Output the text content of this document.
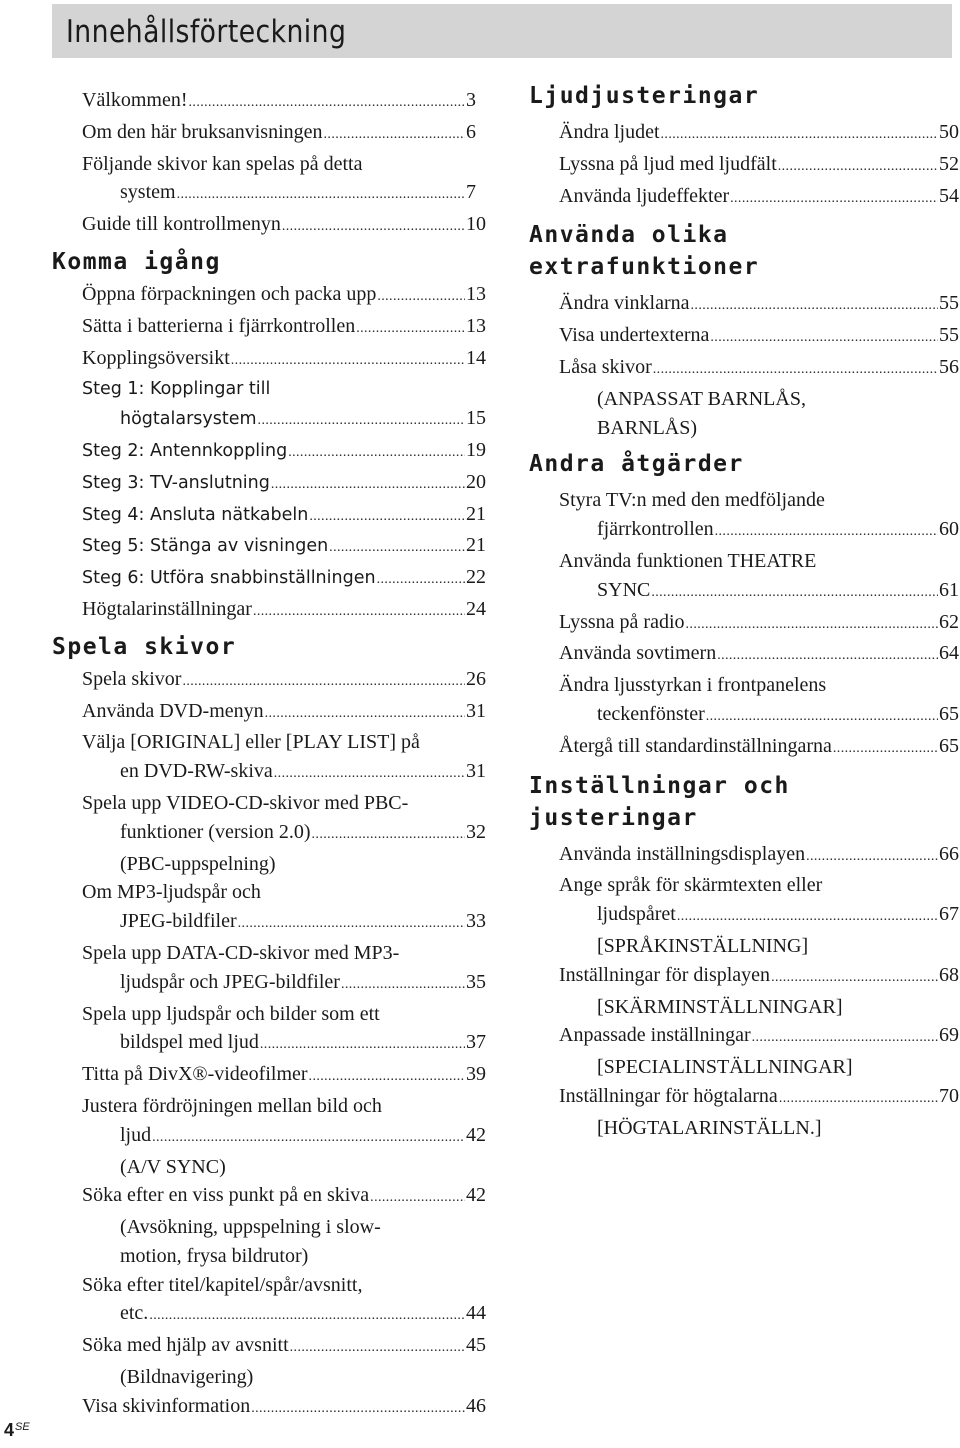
Innehållsförteckning
Välkommen! .....	3
Om den här bruksanvisningen .....	6
Följande skivor kan spelas på detta
system .....	7
Guide till kontrollmenyn .....	10
Komma igång
Öppna förpackningen och packa upp .....	13
Sätta i batterierna i fjärrkontrollen .....	13
Kopplingsöversikt .....	14
Steg 1: Kopplingar till
högtalarsystem .....	15
Steg 2: Antennkoppling .....	19
Steg 3: TV-anslutning .....	20
Steg 4: Ansluta nätkabeln .....	21
Steg 5: Stänga av visningen .....	21
Steg 6: Utföra snabbinställningen .....	22
Högtalarinställningar .....	24
Spela skivor
Spela skivor .....	26
Använda DVD-menyn .....	31
Välja [ORIGINAL] eller [PLAY LIST] på
en DVD-RW-skiva .....	31
Spela upp VIDEO-CD-skivor med PBC-
funktioner (version 2.0) .....	32
(PBC-uppspelning)
Om MP3-ljudspår och
JPEG-bildfiler .....	33
Spela upp DATA-CD-skivor med MP3-
ljudspår och JPEG-bildfiler .....	35
Spela upp ljudspår och bilder som ett
bildspel med ljud .....	37
Titta på DivX®-videofilmer .....	39
Justera fördröjningen mellan bild och
ljud .....	42
(A/V SYNC)
Söka efter en viss punkt på en skiva .....	42
(Avsökning, uppspelning i slow-
motion, frysa bildrutor)
Söka efter titel/kapitel/spår/avsnitt,
etc. .....	44
Söka med hjälp av avsnitt .....	45
(Bildnavigering)
Visa skivinformation .....	46
Ljudjusteringar
Ändra ljudet .....	50
Lyssna på ljud med ljudfält .....	52
Använda ljudeffekter .....	54
Använda olika
extrafunktioner
Ändra vinklarna .....	55
Visa undertexterna .....	55
Låsa skivor .....	56
(ANPASSAT BARNLÅS,
BARNLÅS)
Andra åtgärder
Styra TV:n med den medföljande
fjärrkontrollen .....	60
Använda funktionen THEATRE
SYNC .....	61
Lyssna på radio .....	62
Använda sovtimern .....	64
Ändra ljusstyrkan i frontpanelens
teckenfönster .....	65
Återgå till standardinställningarna .....	65
Inställningar och justeringar
Använda inställningsdisplayen .....	66
Ange språk för skärmtexten eller
ljudspåret .....	67
[SPRÅKINSTÄLLNING]
Inställningar för displayen .....	68
[SKÄRMINSTÄLLNINGAR]
Anpassade inställningar .....	69
[SPECIALINSTÄLLNINGAR]
Inställningar för högtalarna .....	70
[HÖGTALARINSTÄLLN.]
$4^{SE}$
